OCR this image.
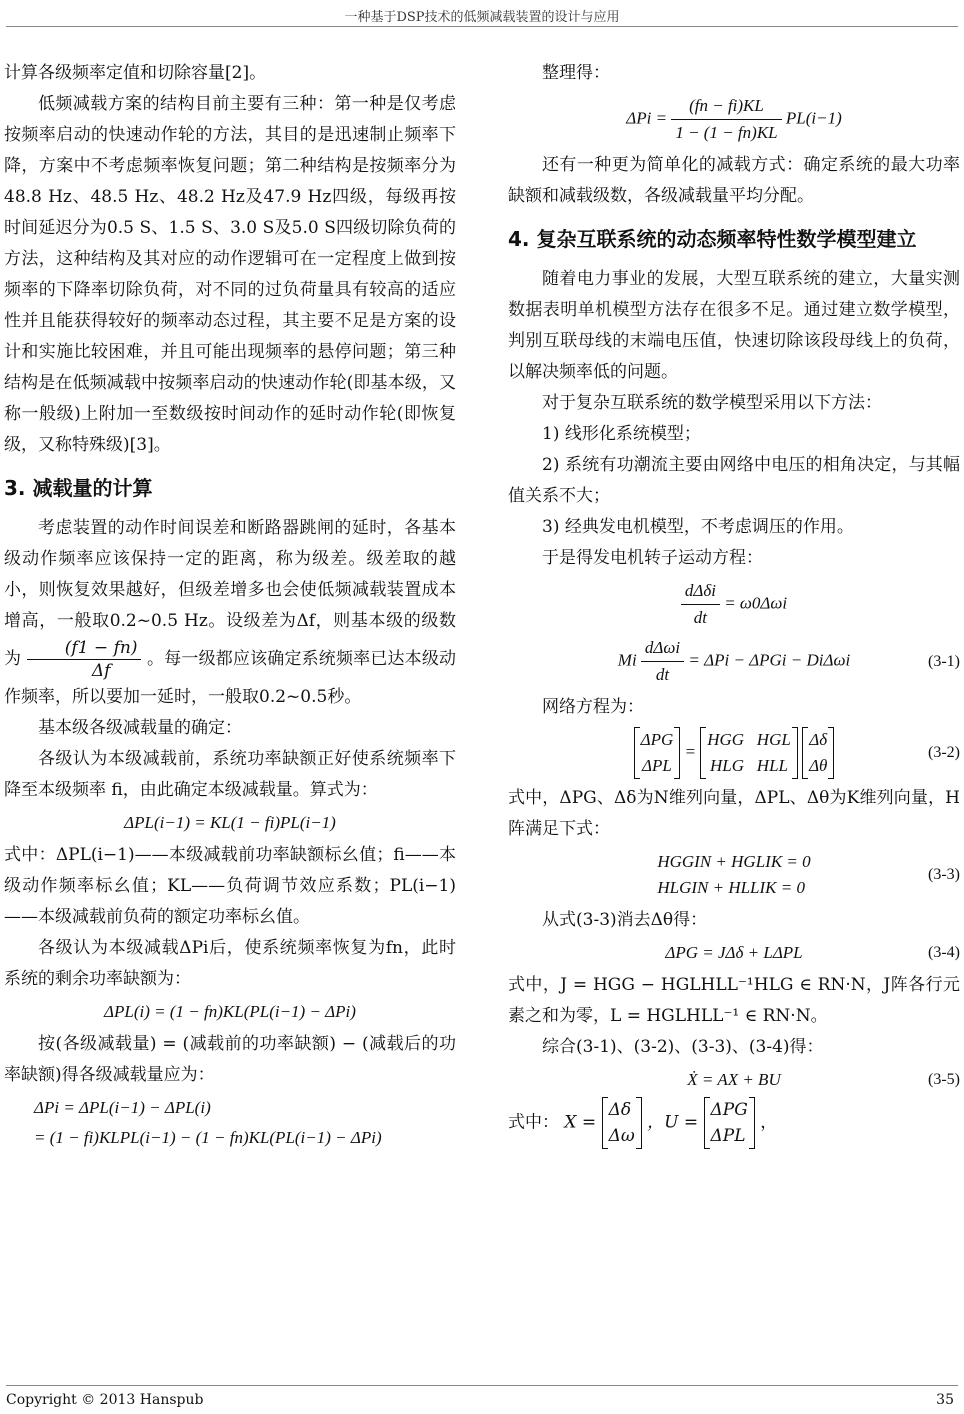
一种基于DSP技术的低频减载装置的设计与应用

计算各级频率定值和切除容量[2]。

低频减载方案的结构目前主要有三种：第一种是仅考虑按频率启动的快速动作轮的方法，其目的是迅速制止频率下降，方案中不考虑频率恢复问题；第二种结构是按频率分为48.8 Hz、48.5 Hz、48.2 Hz及47.9 Hz四级，每级再按时间延迟分为0.5 S、1.5 S、3.0 S及5.0 S四级切除负荷的方法，这种结构及其对应的动作逻辑可在一定程度上做到按频率的下降率切除负荷，对不同的过负荷量具有较高的适应性并且能获得较好的频率动态过程，其主要不足是方案的设计和实施比较困难，并且可能出现频率的悬停问题；第三种结构是在低频减载中按频率启动的快速动作轮(即基本级，又称一般级)上附加一至数级按时间动作的延时动作轮(即恢复级，又称特殊级)[3]。

3. 减载量的计算

考虑装置的动作时间误差和断路器跳闸的延时，各基本级动作频率应该保持一定的距离，称为级差。级差取的越小，则恢复效果越好，但级差增多也会使低频减载装置成本增高，一般取0.2~0.5 Hz。设级差为Δf，则基本级的级数为 $\frac{(f1 - fn)}{\Delta f}$ 。每一级都应该确定系统频率已达本级动作频率，所以要加一延时，一般取0.2~0.5秒。

基本级各级减载量的确定：

各级认为本级减载前，系统功率缺额正好使系统频率下降至本级频率 fi，由此确定本级减载量。算式为：

ΔPL(i−1) = KL(1 − fi)PL(i−1)

式中：ΔPL(i−1)——本级减载前功率缺额标幺值；fi——本级动作频率标幺值；KL——负荷调节效应系数；PL(i−1)——本级减载前负荷的额定功率标幺值。

各级认为本级减载ΔPi后，使系统频率恢复为fn，此时系统的剩余功率缺额为：

ΔPL(i) = (1 − fn)KL(PL(i−1) − ΔPi)

按(各级减载量) = (减载前的功率缺额) − (减载后的功率缺额)得各级减载量应为：

ΔPi = ΔPL(i−1) − ΔPL(i)
= (1 − fi)KLPL(i−1) − (1 − fn)KL(PL(i−1) − ΔPi)

整理得：

$\Delta Pi = \frac{(fn - fi)KL}{1 - (1 - fn)KL} PL(i-1)$

还有一种更为简单化的减载方式：确定系统的最大功率缺额和减载级数，各级减载量平均分配。

4. 复杂互联系统的动态频率特性数学模型建立

随着电力事业的发展，大型互联系统的建立，大量实测数据表明单机模型方法存在很多不足。通过建立数学模型，判别互联母线的末端电压值，快速切除该段母线上的负荷，以解决频率低的问题。

对于复杂互联系统的数学模型采用以下方法：

1) 线形化系统模型；

2) 系统有功潮流主要由网络中电压的相角决定，与其幅值关系不大；

3) 经典发电机模型，不考虑调压的作用。

于是得发电机转子运动方程：

$\frac{\text{dΔδi}}{dt} = \omega 0\Delta\omega i$
Mi $\frac{\text{dΔωi}}{dt} = \Delta Pi - \Delta PGi - Di\Delta\omega i$	(3-1)

网络方程为：

ΔPG
ΔPL
=
HGG   HGL
HLG   HLL

Δδ
Δθ
(3-2)

式中，ΔPG、Δδ为N维列向量，ΔPL、Δθ为K维列向量，H阵满足下式：

HGGIN + HGLIK = 0
HLGIN + HLLIK = 0
(3-3)

从式(3-3)消去Δθ得：

ΔPG = JΔδ + LΔPL	(3-4)

式中，J = HGG − HGLHLL⁻¹HLG ∈ RN·N，J阵各行元素之和为零，L = HGLHLL⁻¹ ∈ RN·N。

综合(3-1)、(3-2)、(3-3)、(3-4)得：

Ẋ = AX + BU	(3-5)

式中： X =
Δδ
Δω
，U =
ΔPG
ΔPL
，

Copyright © 2013 Hanspub	35
